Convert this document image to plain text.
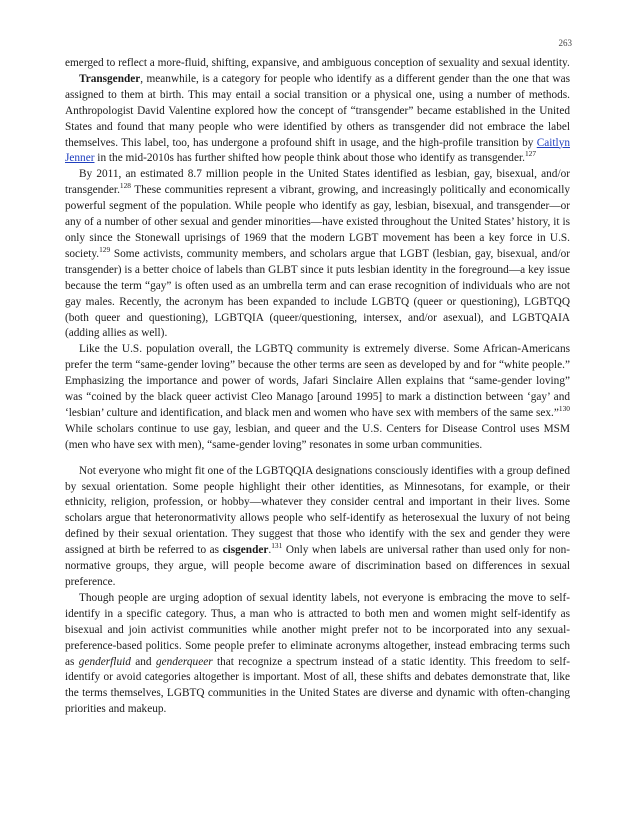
263

emerged to reflect a more-fluid, shifting, expansive, and ambiguous conception of sexuality and sexual identity.

Transgender, meanwhile, is a category for people who identify as a different gender than the one that was assigned to them at birth. This may entail a social transition or a physical one, using a number of methods. Anthropologist David Valentine explored how the concept of “transgender” became established in the United States and found that many people who were identified by others as transgender did not embrace the label themselves. This label, too, has undergone a profound shift in usage, and the high-profile transition by Caitlyn Jenner in the mid-2010s has further shifted how people think about those who identify as transgender.$^{127}$

By 2011, an estimated 8.7 million people in the United States identified as lesbian, gay, bisexual, and/or transgender.$^{128}$ These communities represent a vibrant, growing, and increasingly politically and economically powerful segment of the population. While people who identify as gay, lesbian, bisexual, and transgender—or any of a number of other sexual and gender minorities—have existed throughout the United States’ history, it is only since the Stonewall uprisings of 1969 that the modern LGBT movement has been a key force in U.S. society.$^{129}$ Some activists, community members, and scholars argue that LGBT (lesbian, gay, bisexual, and/or transgender) is a better choice of labels than GLBT since it puts lesbian identity in the foreground—a key issue because the term “gay” is often used as an umbrella term and can erase recognition of individuals who are not gay males. Recently, the acronym has been expanded to include LGBTQ (queer or questioning), LGBTQQ (both queer and questioning), LGBTQIA (queer/questioning, intersex, and/or asexual), and LGBTQAIA (adding allies as well).

Like the U.S. population overall, the LGBTQ community is extremely diverse. Some African-Americans prefer the term “same-gender loving” because the other terms are seen as developed by and for “white people.” Emphasizing the importance and power of words, Jafari Sinclaire Allen explains that “same-gender loving” was “coined by the black queer activist Cleo Manago [around 1995] to mark a distinction between ‘gay’ and ‘lesbian’ culture and identification, and black men and women who have sex with members of the same sex.”$^{130}$ While scholars continue to use gay, lesbian, and queer and the U.S. Centers for Disease Control uses MSM (men who have sex with men), “same-gender loving” resonates in some urban communities.

Not everyone who might fit one of the LGBTQQIA designations consciously identifies with a group defined by sexual orientation. Some people highlight their other identities, as Minnesotans, for example, or their ethnicity, religion, profession, or hobby—whatever they consider central and important in their lives. Some scholars argue that heteronormativity allows people who self-identify as heterosexual the luxury of not being defined by their sexual orientation. They suggest that those who identify with the sex and gender they were assigned at birth be referred to as cisgender.$^{131}$ Only when labels are universal rather than used only for non-normative groups, they argue, will people become aware of discrimination based on differences in sexual preference.

Though people are urging adoption of sexual identity labels, not everyone is embracing the move to self-identify in a specific category. Thus, a man who is attracted to both men and women might self-identify as bisexual and join activist communities while another might prefer not to be incorporated into any sexual-preference-based politics. Some people prefer to eliminate acronyms altogether, instead embracing terms such as genderfluid and genderqueer that recognize a spectrum instead of a static identity. This freedom to self-identify or avoid categories altogether is important. Most of all, these shifts and debates demonstrate that, like the terms themselves, LGBTQ communities in the United States are diverse and dynamic with often-changing priorities and makeup.
